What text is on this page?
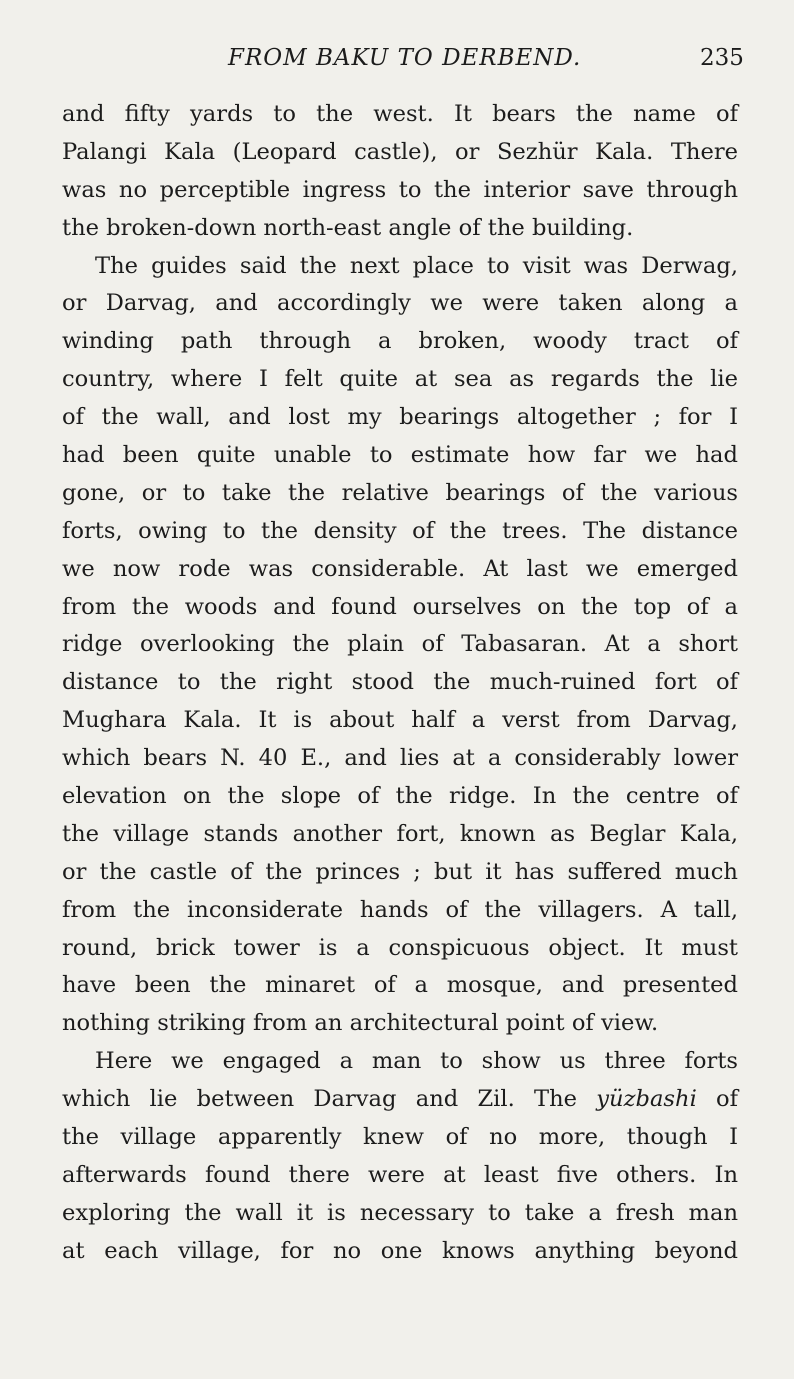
FROM BAKU TO DERBEND.	235
and fifty yards to the west. It bears the name of
Palangi Kala (Leopard castle), or Sezhür Kala. There
was no perceptible ingress to the interior save through
the broken-down north-east angle of the building.
The guides said the next place to visit was Derwag,
or Darvag, and accordingly we were taken along a
winding path through a broken, woody tract of
country, where I felt quite at sea as regards the lie
of the wall, and lost my bearings altogether ; for I
had been quite unable to estimate how far we had
gone, or to take the relative bearings of the various
forts, owing to the density of the trees. The distance
we now rode was considerable. At last we emerged
from the woods and found ourselves on the top of a
ridge overlooking the plain of Tabasaran. At a short
distance to the right stood the much-ruined fort of
Mughara Kala. It is about half a verst from Darvag,
which bears N. 40 E., and lies at a considerably lower
elevation on the slope of the ridge. In the centre of
the village stands another fort, known as Beglar Kala,
or the castle of the princes ; but it has suffered much
from the inconsiderate hands of the villagers. A tall,
round, brick tower is a conspicuous object. It must
have been the minaret of a mosque, and presented
nothing striking from an architectural point of view.
Here we engaged a man to show us three forts
which lie between Darvag and Zil. The yüzbashi of
the village apparently knew of no more, though I
afterwards found there were at least five others. In
exploring the wall it is necessary to take a fresh man
at each village, for no one knows anything beyond
